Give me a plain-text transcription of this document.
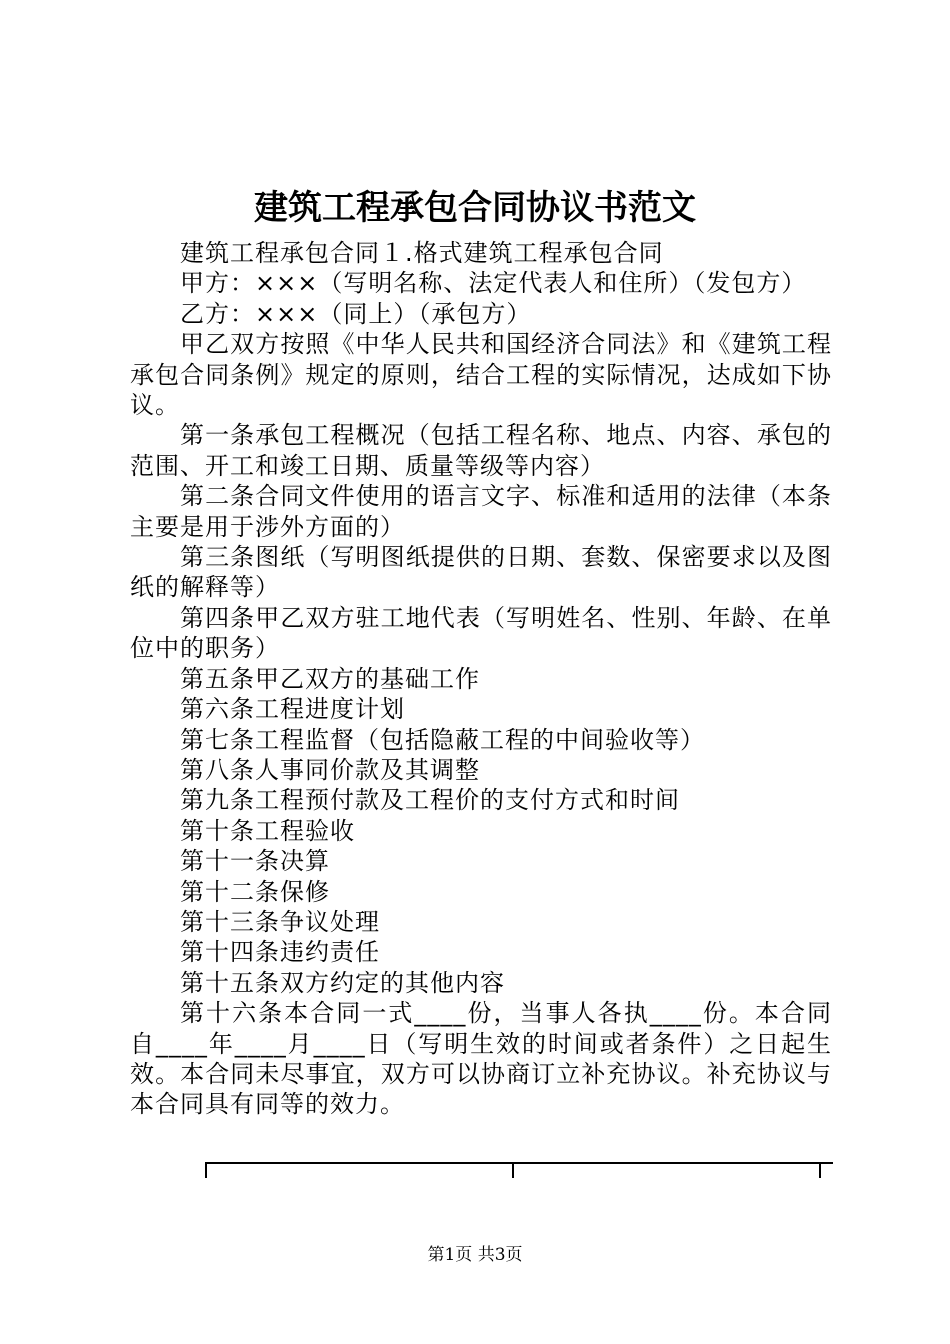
建筑工程承包合同协议书范文

建筑工程承包合同１.格式建筑工程承包合同

甲方：×××（写明名称、法定代表人和住所）（发包方）

乙方：×××（同上）（承包方）

甲乙双方按照《中华人民共和国经济合同法》和《建筑工程承包合同条例》规定的原则，结合工程的实际情况，达成如下协议。

第一条承包工程概况（包括工程名称、地点、内容、承包的范围、开工和竣工日期、质量等级等内容）

第二条合同文件使用的语言文字、标准和适用的法律（本条主要是用于涉外方面的）

第三条图纸（写明图纸提供的日期、套数、保密要求以及图纸的解释等）

第四条甲乙双方驻工地代表（写明姓名、性别、年龄、在单位中的职务）

第五条甲乙双方的基础工作

第六条工程进度计划

第七条工程监督（包括隐蔽工程的中间验收等）

第八条人事同价款及其调整

第九条工程预付款及工程价的支付方式和时间

第十条工程验收

第十一条决算

第十二条保修

第十三条争议处理

第十四条违约责任

第十五条双方约定的其他内容

第十六条本合同一式____份，当事人各执____份。本合同自____年____月____日（写明生效的时间或者条件）之日起生效。本合同未尽事宜，双方可以协商订立补充协议。补充协议与本合同具有同等的效力。

第1页 共3页
